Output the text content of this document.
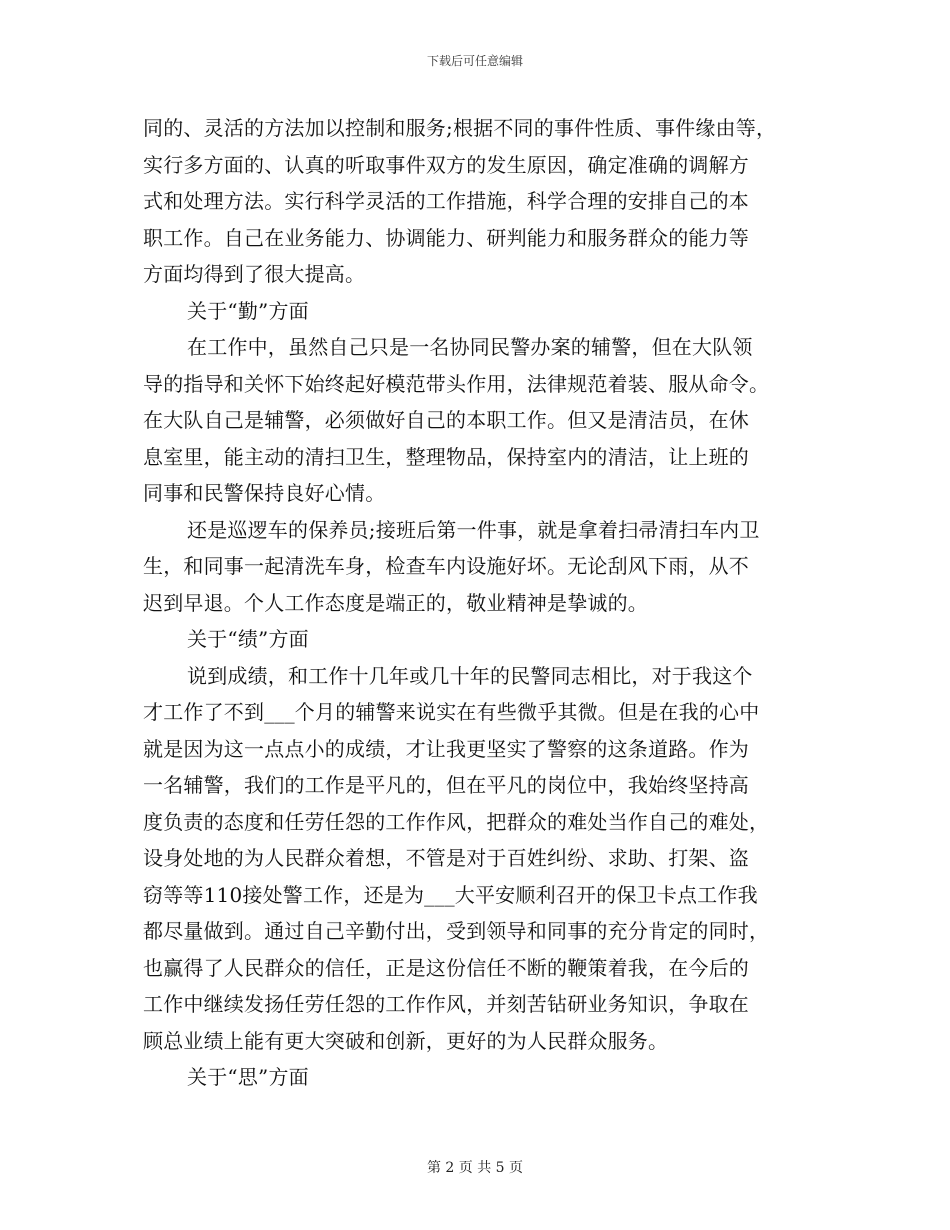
下载后可任意编辑
同的、灵活的方法加以控制和服务;根据不同的事件性质、事件缘由等，
实行多方面的、认真的听取事件双方的发生原因，确定准确的调解方
式和处理方法。实行科学灵活的工作措施，科学合理的安排自己的本
职工作。自己在业务能力、协调能力、研判能力和服务群众的能力等
方面均得到了很大提高。
关于“勤”方面
在工作中，虽然自己只是一名协同民警办案的辅警，但在大队领
导的指导和关怀下始终起好模范带头作用，法律规范着装、服从命令。
在大队自己是辅警，必须做好自己的本职工作。但又是清洁员，在休
息室里，能主动的清扫卫生，整理物品，保持室内的清洁，让上班的
同事和民警保持良好心情。
还是巡逻车的保养员;接班后第一件事，就是拿着扫帚清扫车内卫
生，和同事一起清洗车身，检查车内设施好坏。无论刮风下雨，从不
迟到早退。个人工作态度是端正的，敬业精神是挚诚的。
关于“绩”方面
说到成绩，和工作十几年或几十年的民警同志相比，对于我这个
才工作了不到___个月的辅警来说实在有些微乎其微。但是在我的心中
就是因为这一点点小的成绩，才让我更坚实了警察的这条道路。作为
一名辅警，我们的工作是平凡的，但在平凡的岗位中，我始终坚持高
度负责的态度和任劳任怨的工作作风，把群众的难处当作自己的难处，
设身处地的为人民群众着想，不管是对于百姓纠纷、求助、打架、盗
窃等等110接处警工作，还是为___大平安顺利召开的保卫卡点工作我
都尽量做到。通过自己辛勤付出，受到领导和同事的充分肯定的同时，
也赢得了人民群众的信任，正是这份信任不断的鞭策着我，在今后的
工作中继续发扬任劳任怨的工作作风，并刻苦钻研业务知识，争取在
顾总业绩上能有更大突破和创新，更好的为人民群众服务。
关于“思”方面
第 2 页 共 5 页
